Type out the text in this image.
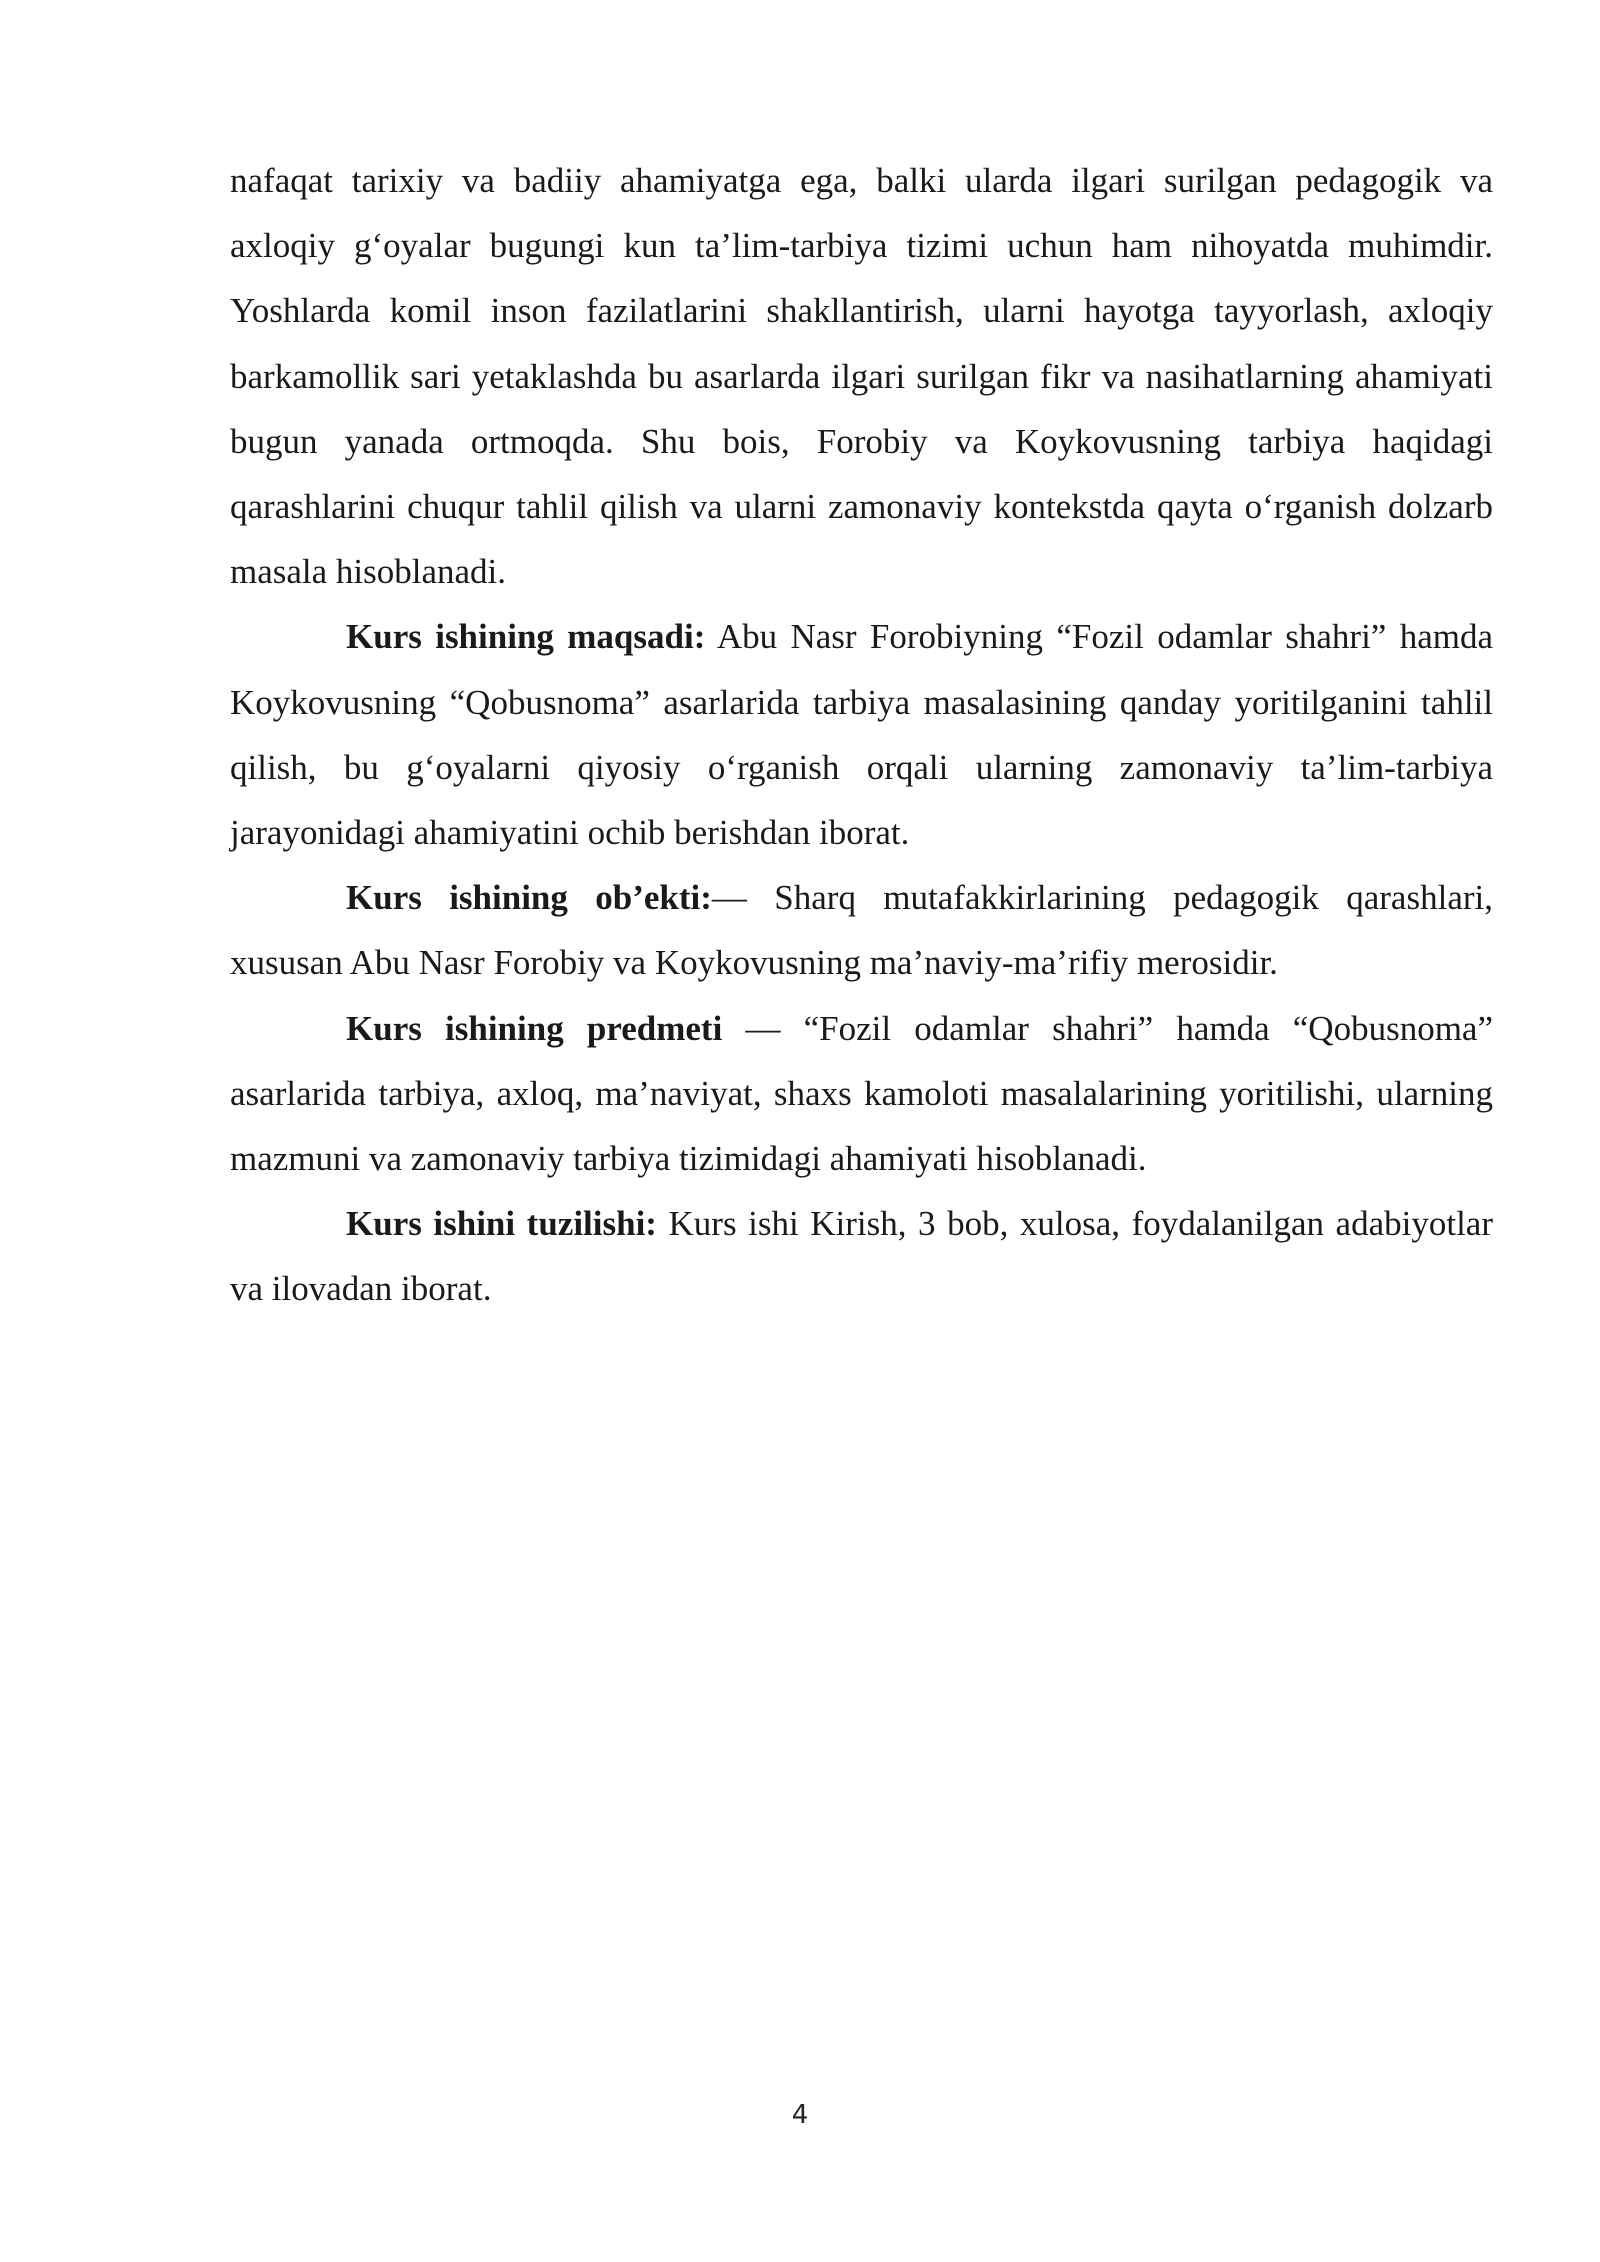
nafaqat tarixiy va badiiy ahamiyatga ega, balki ularda ilgari surilgan pedagogik va axloqiy g‘oyalar bugungi kun ta’lim-tarbiya tizimi uchun ham nihoyatda muhimdir. Yoshlarda komil inson fazilatlarini shakllantirish, ularni hayotga tayyorlash, axloqiy barkamollik sari yetaklashda bu asarlarda ilgari surilgan fikr va nasihatlarning ahamiyati bugun yanada ortmoqda. Shu bois, Forobiy va Koykovusning tarbiya haqidagi qarashlarini chuqur tahlil qilish va ularni zamonaviy kontekstda qayta o‘rganish dolzarb masala hisoblanadi.

Kurs ishining maqsadi: Abu Nasr Forobiyning “Fozil odamlar shahri” hamda Koykovusning “Qobusnoma” asarlarida tarbiya masalasining qanday yoritilganini tahlil qilish, bu g‘oyalarni qiyosiy o‘rganish orqali ularning zamonaviy ta’lim-tarbiya jarayonidagi ahamiyatini ochib berishdan iborat.

Kurs ishining ob’ekti:— Sharq mutafakkirlarining pedagogik qarashlari, xususan Abu Nasr Forobiy va Koykovusning ma’naviy-ma’rifiy merosidir.

Kurs ishining predmeti — “Fozil odamlar shahri” hamda “Qobusnoma” asarlarida tarbiya, axloq, ma’naviyat, shaxs kamoloti masalalarining yoritilishi, ularning mazmuni va zamonaviy tarbiya tizimidagi ahamiyati hisoblanadi.

Kurs ishini tuzilishi: Kurs ishi Kirish, 3 bob, xulosa, foydalanilgan adabiyotlar va ilovadan iborat.

4
